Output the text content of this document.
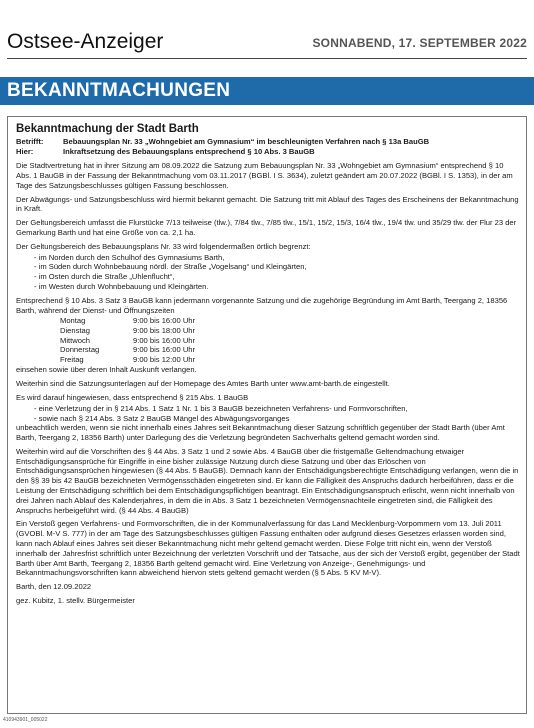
Ostsee-Anzeiger	SONNABEND, 17. SEPTEMBER 2022
BEKANNTMACHUNGEN
Bekanntmachung der Stadt Barth
Betrifft:	Bebauungsplan Nr. 33 „Wohngebiet am Gymnasium“ im beschleunigten Verfahren nach § 13a BauGB
Hier:	Inkraftsetzung des Bebauungsplans entsprechend § 10 Abs. 3 BauGB

Die Stadtvertretung hat in ihrer Sitzung am 08.09.2022 die Satzung zum Bebauungsplan Nr. 33 „Wohngebiet am Gymnasium“ entsprechend § 10 Abs. 1 BauGB in der Fassung der Bekanntmachung vom 03.11.2017 (BGBl. I S. 3634), zuletzt geändert am 20.07.2022 (BGBl. I S. 1353), in der am Tage des Satzungsbeschlusses gültigen Fassung beschlossen.

Der Abwägungs- und Satzungsbeschluss wird hiermit bekannt gemacht. Die Satzung tritt mit Ablauf des Tages des Erscheinens der Bekanntmachung in Kraft.

Der Geltungsbereich umfasst die Flurstücke 7/13 teilweise (tlw.), 7/84 tlw., 7/85 tlw., 15/1, 15/2, 15/3, 16/4 tlw., 19/4 tlw. und 35/29 tlw. der Flur 23 der Gemarkung Barth und hat eine Größe von ca. 2,1 ha.

Der Geltungsbereich des Bebauungsplans Nr. 33 wird folgendermaßen örtlich begrenzt:

- im Norden durch den Schulhof des Gymnasiums Barth,
- im Süden durch Wohnbebauung nördl. der Straße „Vogelsang“ und Kleingärten,
- im Osten durch die Straße „Uhlenflucht“,
- im Westen durch Wohnbebauung und Kleingärten.

Entsprechend § 10 Abs. 3 Satz 3 BauGB kann jedermann vorgenannte Satzung und die zugehörige Begründung im Amt Barth, Teergang 2, 18356 Barth, während der Dienst- und Öffnungszeiten

Montag	9:00 bis 16:00 Uhr
Dienstag	9:00 bis 18:00 Uhr
Mittwoch	9:00 bis 16:00 Uhr
Donnerstag	9:00 bis 16:00 Uhr
Freitag	9:00 bis 12:00 Uhr

einsehen sowie über deren Inhalt Auskunft verlangen.

Weiterhin sind die Satzungsunterlagen auf der Homepage des Amtes Barth unter www.amt-barth.de eingestellt.

Es wird darauf hingewiesen, dass entsprechend § 215 Abs. 1 BauGB

- eine Verletzung der in § 214 Abs. 1 Satz 1 Nr. 1 bis 3 BauGB bezeichneten Verfahrens- und Formvorschriften,
- sowie nach § 214 Abs. 3 Satz 2 BauGB Mängel des Abwägungsvorganges

unbeachtlich werden, wenn sie nicht innerhalb eines Jahres seit Bekanntmachung dieser Satzung schriftlich gegenüber der Stadt Barth (über Amt Barth, Teergang 2, 18356 Barth) unter Darlegung des die Verletzung begründeten Sachverhalts geltend gemacht worden sind.

Weiterhin wird auf die Vorschriften des § 44 Abs. 3 Satz 1 und 2 sowie Abs. 4 BauGB über die fristgemäße Geltendmachung etwaiger Entschädigungsansprüche für Eingriffe in eine bisher zulässige Nutzung durch diese Satzung und über das Erlöschen von Entschädigungsansprüchen hingewiesen (§ 44 Abs. 5 BauGB). Demnach kann der Entschädigungsberechtigte Entschädigung verlangen, wenn die in den §§ 39 bis 42 BauGB bezeichneten Vermögensschäden eingetreten sind. Er kann die Fälligkeit des Anspruchs dadurch herbeiführen, dass er die Leistung der Entschädigung schriftlich bei dem Entschädigungspflichtigen beantragt. Ein Entschädigungsanspruch erlischt, wenn nicht innerhalb von drei Jahren nach Ablauf des Kalenderjahres, in dem die in Abs. 3 Satz 1 bezeichneten Vermögensnachteile eingetreten sind, die Fälligkeit des Anspruchs herbeigeführt wird. (§ 44 Abs. 4 BauGB)

Ein Verstoß gegen Verfahrens- und Formvorschriften, die in der Kommunalverfassung für das Land Mecklenburg-Vorpommern vom 13. Juli 2011 (GVOBl. M-V S. 777) in der am Tage des Satzungsbeschlusses gültigen Fassung enthalten oder aufgrund dieses Gesetzes erlassen worden sind, kann nach Ablauf eines Jahres seit dieser Bekanntmachung nicht mehr geltend gemacht werden. Diese Folge tritt nicht ein, wenn der Verstoß innerhalb der Jahresfrist schriftlich unter Bezeichnung der verletzten Vorschrift und der Tatsache, aus der sich der Verstoß ergibt, gegenüber der Stadt Barth über Amt Barth, Teergang 2, 18356 Barth geltend gemacht wird. Eine Verletzung von Anzeige-, Genehmigungs- und Bekanntmachungsvorschriften kann abweichend hiervon stets geltend gemacht werden (§ 5 Abs. 5 KV M-V).

Barth, den 12.09.2022

gez. Kubitz, 1. stellv. Bürgermeister

410943901_005022
